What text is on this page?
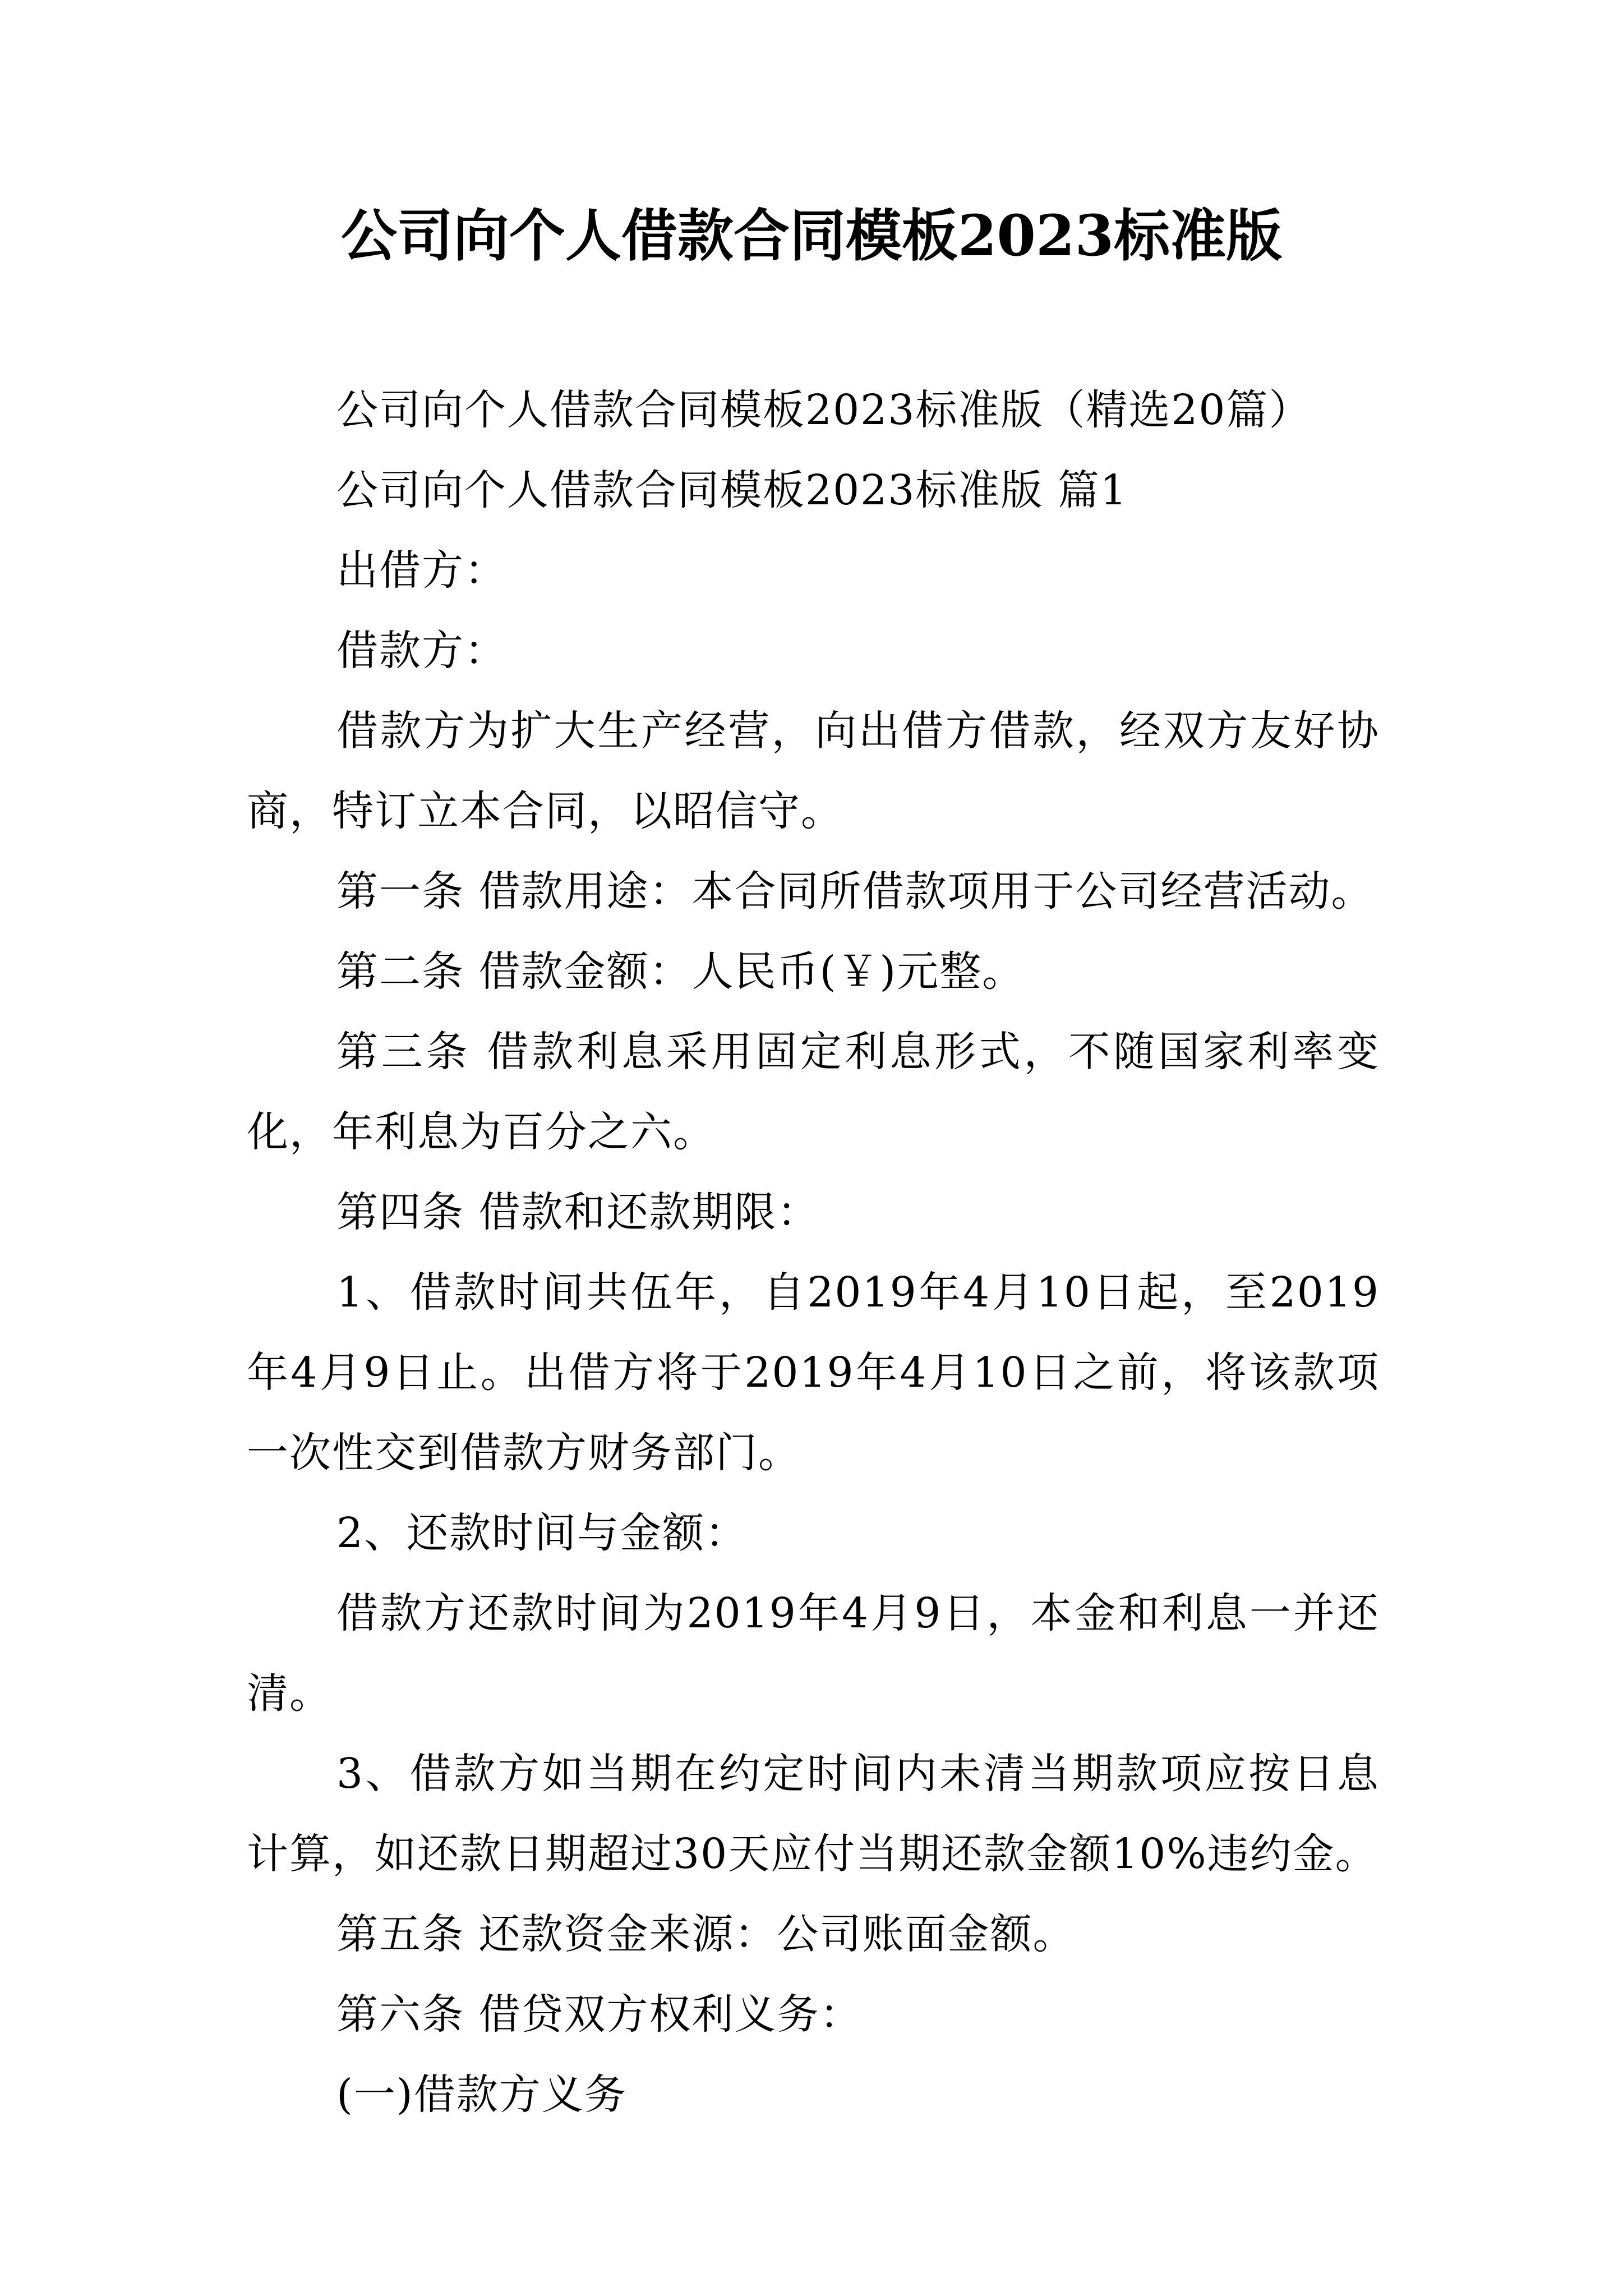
公司向个人借款合同模板2023标准版

公司向个人借款合同模板2023标准版（精选20篇）

公司向个人借款合同模板2023标准版 篇1

出借方：

借款方：

借款方为扩大生产经营，向出借方借款，经双方友好协商，特订立本合同，以昭信守。

第一条 借款用途：本合同所借款项用于公司经营活动。

第二条 借款金额：人民币(￥)元整。

第三条 借款利息采用固定利息形式，不随国家利率变化，年利息为百分之六。

第四条 借款和还款期限：

1、借款时间共伍年，自2019年4月10日起，至2019年4月9日止。出借方将于2019年4月10日之前，将该款项一次性交到借款方财务部门。

2、还款时间与金额：

借款方还款时间为2019年4月9日，本金和利息一并还清。

3、借款方如当期在约定时间内未清当期款项应按日息计算，如还款日期超过30天应付当期还款金额10%违约金。

第五条 还款资金来源：公司账面金额。

第六条 借贷双方权利义务：

(一)借款方义务
